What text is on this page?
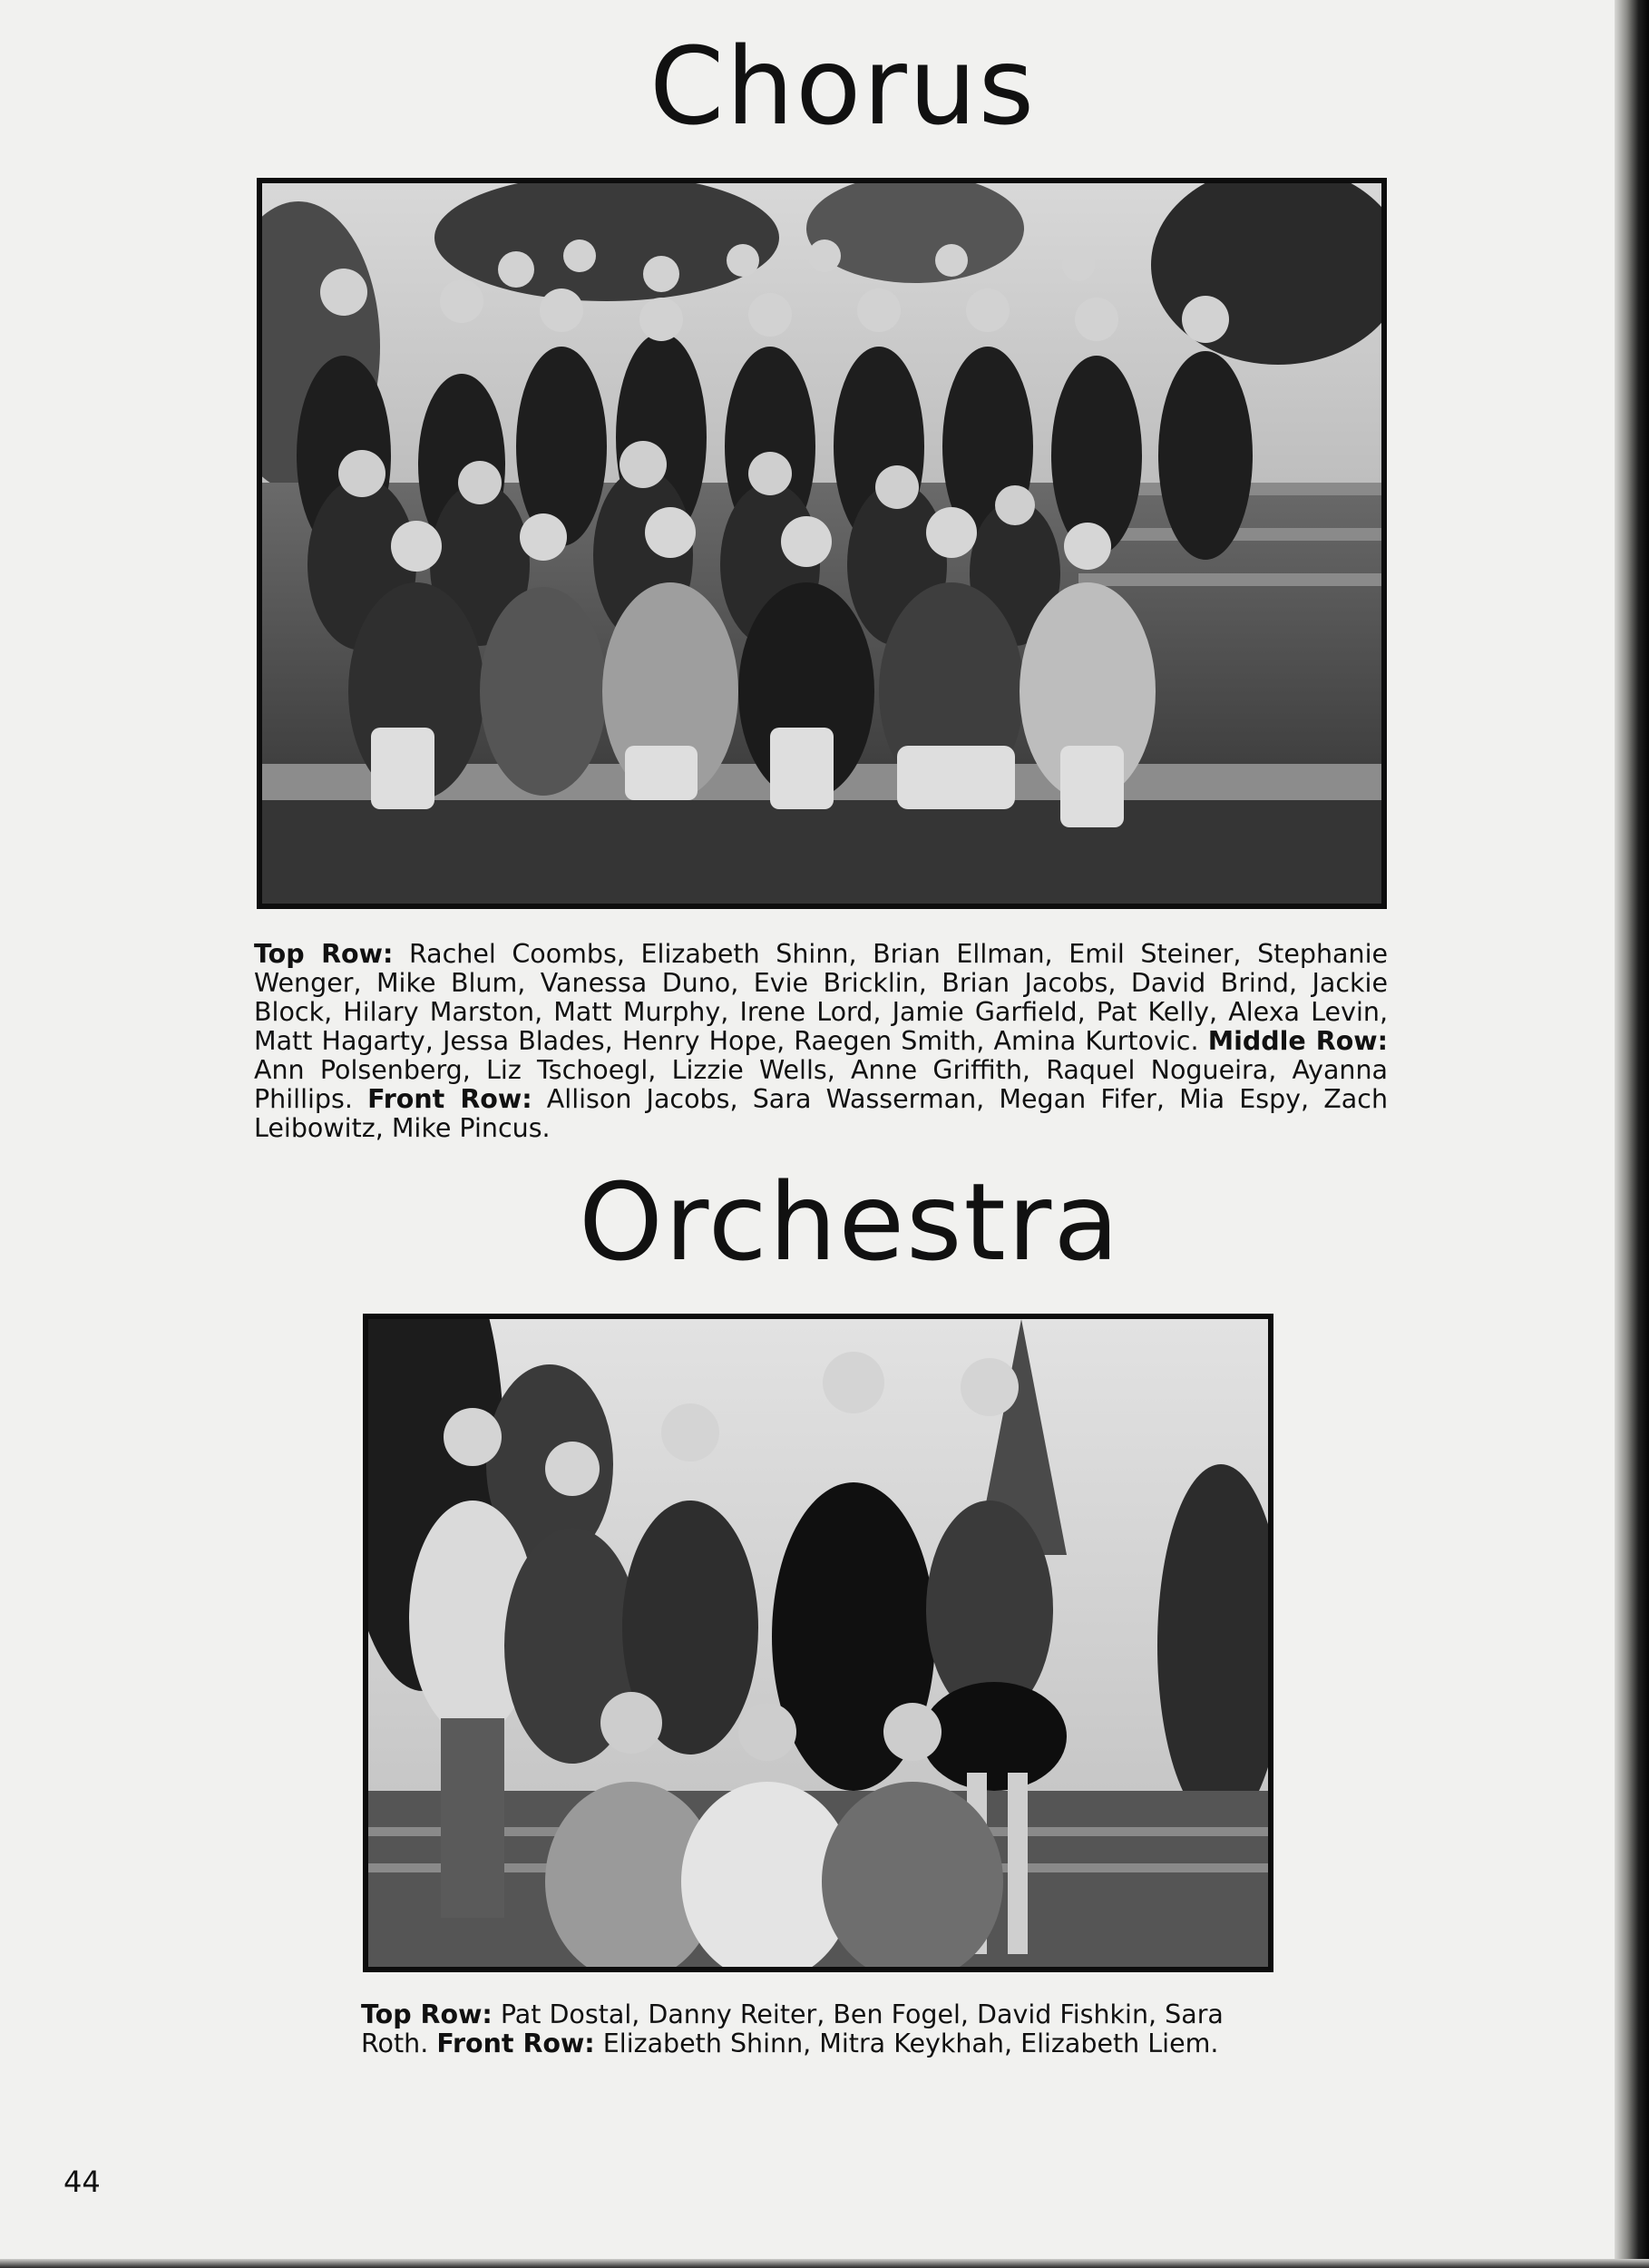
Chorus

Top Row: Rachel Coombs, Elizabeth Shinn, Brian Ellman, Emil Steiner, Stephanie Wenger, Mike Blum, Vanessa Duno, Evie Bricklin, Brian Jacobs, David Brind, Jackie Block, Hilary Marston, Matt Murphy, Irene Lord, Jamie Garfield, Pat Kelly, Alexa Levin, Matt Hagarty, Jessa Blades, Henry Hope, Raegen Smith, Amina Kurtovic. Middle Row: Ann Polsenberg, Liz Tschoegl, Lizzie Wells, Anne Griffith, Raquel Nogueira, Ayanna Phillips. Front Row: Allison Jacobs, Sara Wasserman, Megan Fifer, Mia Espy, Zach Leibowitz, Mike Pincus.

Orchestra

Top Row: Pat Dostal, Danny Reiter, Ben Fogel, David Fishkin, Sara Roth. Front Row: Elizabeth Shinn, Mitra Keykhah, Elizabeth Liem.

44
